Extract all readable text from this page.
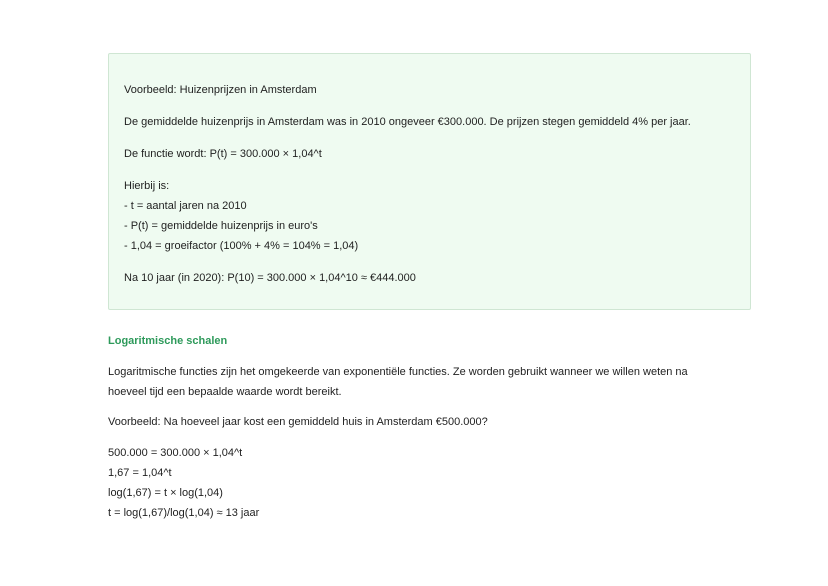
Voorbeeld: Huizenprijzen in Amsterdam

De gemiddelde huizenprijs in Amsterdam was in 2010 ongeveer €300.000. De prijzen stegen gemiddeld 4% per jaar.

De functie wordt: P(t) = 300.000 × 1,04^t

Hierbij is:

- t = aantal jaren na 2010

- P(t) = gemiddelde huizenprijs in euro's

- 1,04 = groeifactor (100% + 4% = 104% = 1,04)

Na 10 jaar (in 2020): P(10) = 300.000 × 1,04^10 ≈ €444.000

Logaritmische schalen
Logaritmische functies zijn het omgekeerde van exponentiële functies. Ze worden gebruikt wanneer we willen weten na
hoeveel tijd een bepaalde waarde wordt bereikt.

Voorbeeld: Na hoeveel jaar kost een gemiddeld huis in Amsterdam €500.000?

500.000 = 300.000 × 1,04^t

1,67 = 1,04^t

log(1,67) = t × log(1,04)

t = log(1,67)/log(1,04) ≈ 13 jaar
